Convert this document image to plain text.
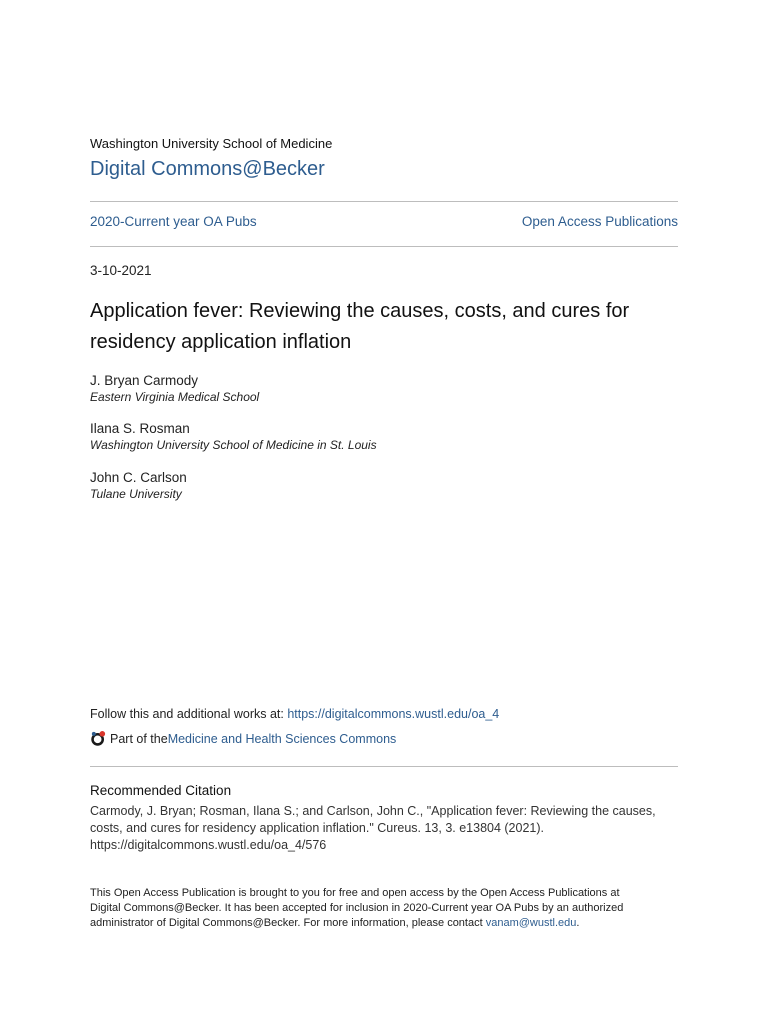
Washington University School of Medicine
Digital Commons@Becker
2020-Current year OA Pubs	Open Access Publications
3-10-2021
Application fever: Reviewing the causes, costs, and cures for residency application inflation
J. Bryan Carmody
Eastern Virginia Medical School
Ilana S. Rosman
Washington University School of Medicine in St. Louis
John C. Carlson
Tulane University
Follow this and additional works at: https://digitalcommons.wustl.edu/oa_4
Part of the Medicine and Health Sciences Commons
Recommended Citation
Carmody, J. Bryan; Rosman, Ilana S.; and Carlson, John C., "Application fever: Reviewing the causes, costs, and cures for residency application inflation." Cureus. 13, 3. e13804 (2021).
https://digitalcommons.wustl.edu/oa_4/576
This Open Access Publication is brought to you for free and open access by the Open Access Publications at Digital Commons@Becker. It has been accepted for inclusion in 2020-Current year OA Pubs by an authorized administrator of Digital Commons@Becker. For more information, please contact vanam@wustl.edu.
